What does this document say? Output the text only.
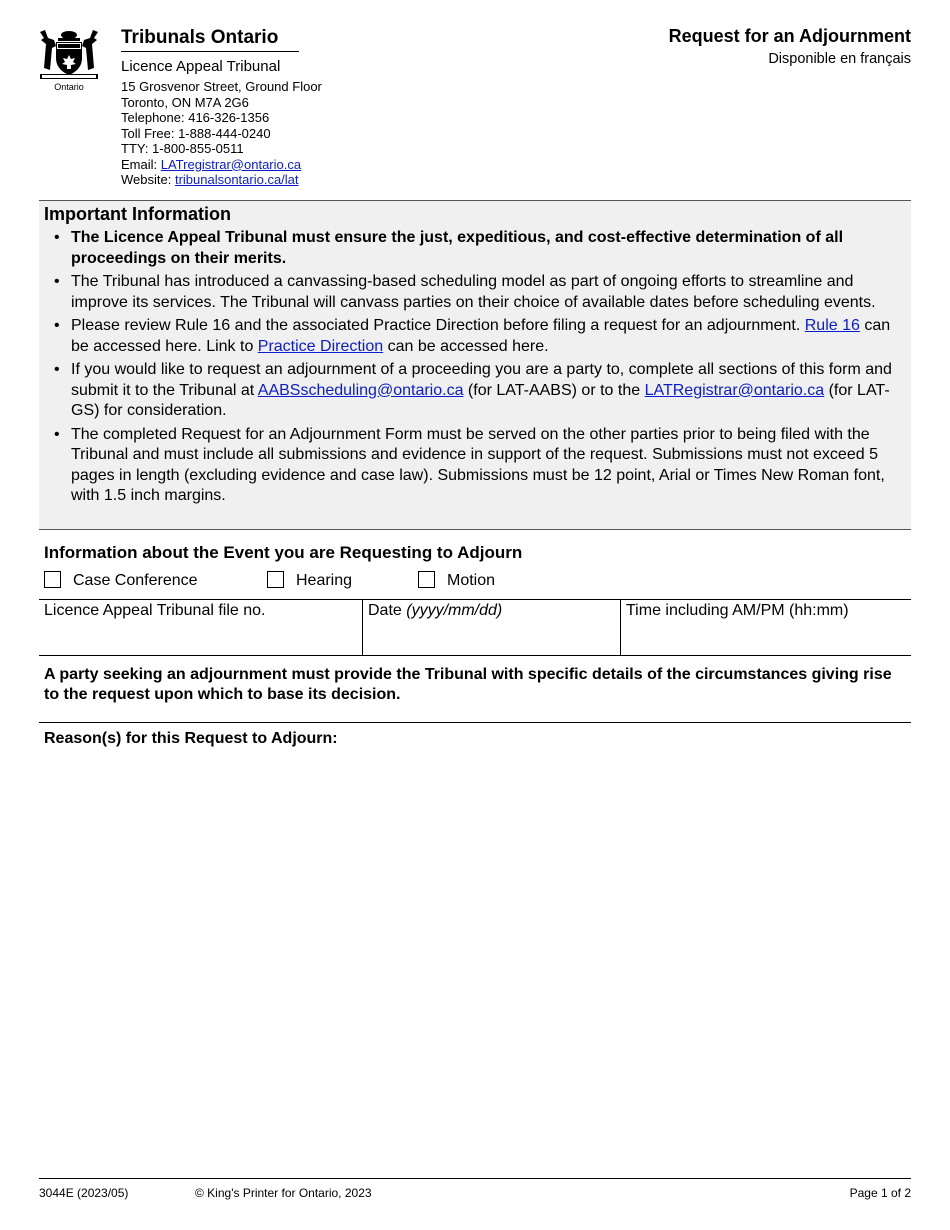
Ontario
Tribunals Ontario
Licence Appeal Tribunal
15 Grosvenor Street, Ground Floor
Toronto, ON M7A 2G6
Telephone: 416-326-1356
Toll Free: 1-888-444-0240
TTY: 1-800-855-0511
Email: LATregistrar@ontario.ca
Website: tribunalsontario.ca/lat
Request for an Adjournment
Disponible en français
Important Information
• The Licence Appeal Tribunal must ensure the just, expeditious, and cost-effective determination of all proceedings on their merits.
• The Tribunal has introduced a canvassing-based scheduling model as part of ongoing efforts to streamline and improve its services. The Tribunal will canvass parties on their choice of available dates before scheduling events.
• Please review Rule 16 and the associated Practice Direction before filing a request for an adjournment. Rule 16 can be accessed here. Link to Practice Direction can be accessed here.
• If you would like to request an adjournment of a proceeding you are a party to, complete all sections of this form and submit it to the Tribunal at AABSscheduling@ontario.ca (for LAT-AABS) or to the LATRegistrar@ontario.ca (for LAT-GS) for consideration.
• The completed Request for an Adjournment Form must be served on the other parties prior to being filed with the Tribunal and must include all submissions and evidence in support of the request. Submissions must not exceed 5 pages in length (excluding evidence and case law). Submissions must be 12 point, Arial or Times New Roman font, with 1.5 inch margins.
Information about the Event you are Requesting to Adjourn
Case Conference	Hearing	Motion
Licence Appeal Tribunal file no.	Date (yyyy/mm/dd)	Time including AM/PM (hh:mm)
A party seeking an adjournment must provide the Tribunal with specific details of the circumstances giving rise to the request upon which to base its decision.
Reason(s) for this Request to Adjourn:
3044E (2023/05)	© King's Printer for Ontario, 2023	Page 1 of 2
